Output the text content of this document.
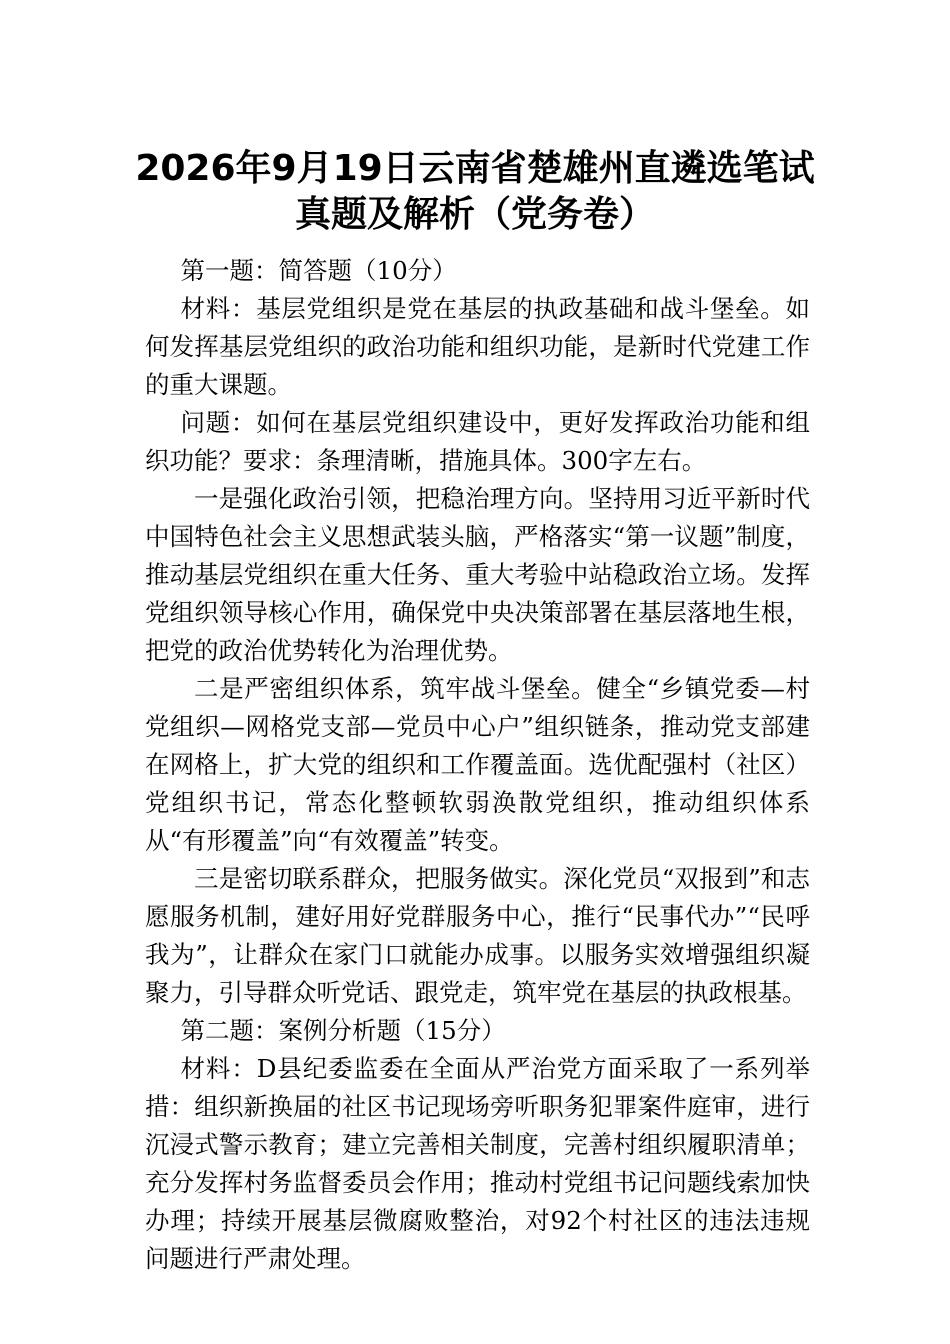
2026年9月19日云南省楚雄州直遴选笔试
真题及解析（党务卷）

第一题：简答题（10分）

材料：基层党组织是党在基层的执政基础和战斗堡垒。如何发挥基层党组织的政治功能和组织功能，是新时代党建工作的重大课题。

问题：如何在基层党组织建设中，更好发挥政治功能和组织功能？要求：条理清晰，措施具体。300字左右。

一是强化政治引领，把稳治理方向。坚持用习近平新时代中国特色社会主义思想武装头脑，严格落实“第一议题”制度，推动基层党组织在重大任务、重大考验中站稳政治立场。发挥党组织领导核心作用，确保党中央决策部署在基层落地生根，把党的政治优势转化为治理优势。

二是严密组织体系，筑牢战斗堡垒。健全“乡镇党委—村党组织—网格党支部—党员中心户”组织链条，推动党支部建在网格上，扩大党的组织和工作覆盖面。选优配强村（社区）党组织书记，常态化整顿软弱涣散党组织，推动组织体系从“有形覆盖”向“有效覆盖”转变。

三是密切联系群众，把服务做实。深化党员“双报到”和志愿服务机制，建好用好党群服务中心，推行“民事代办”“民呼我为”，让群众在家门口就能办成事。以服务实效增强组织凝聚力，引导群众听党话、跟党走，筑牢党在基层的执政根基。

第二题：案例分析题（15分）

材料：D县纪委监委在全面从严治党方面采取了一系列举措：组织新换届的社区书记现场旁听职务犯罪案件庭审，进行沉浸式警示教育；建立完善相关制度，完善村组织履职清单；充分发挥村务监督委员会作用；推动村党组书记问题线索加快办理；持续开展基层微腐败整治，对92个村社区的违法违规问题进行严肃处理。
